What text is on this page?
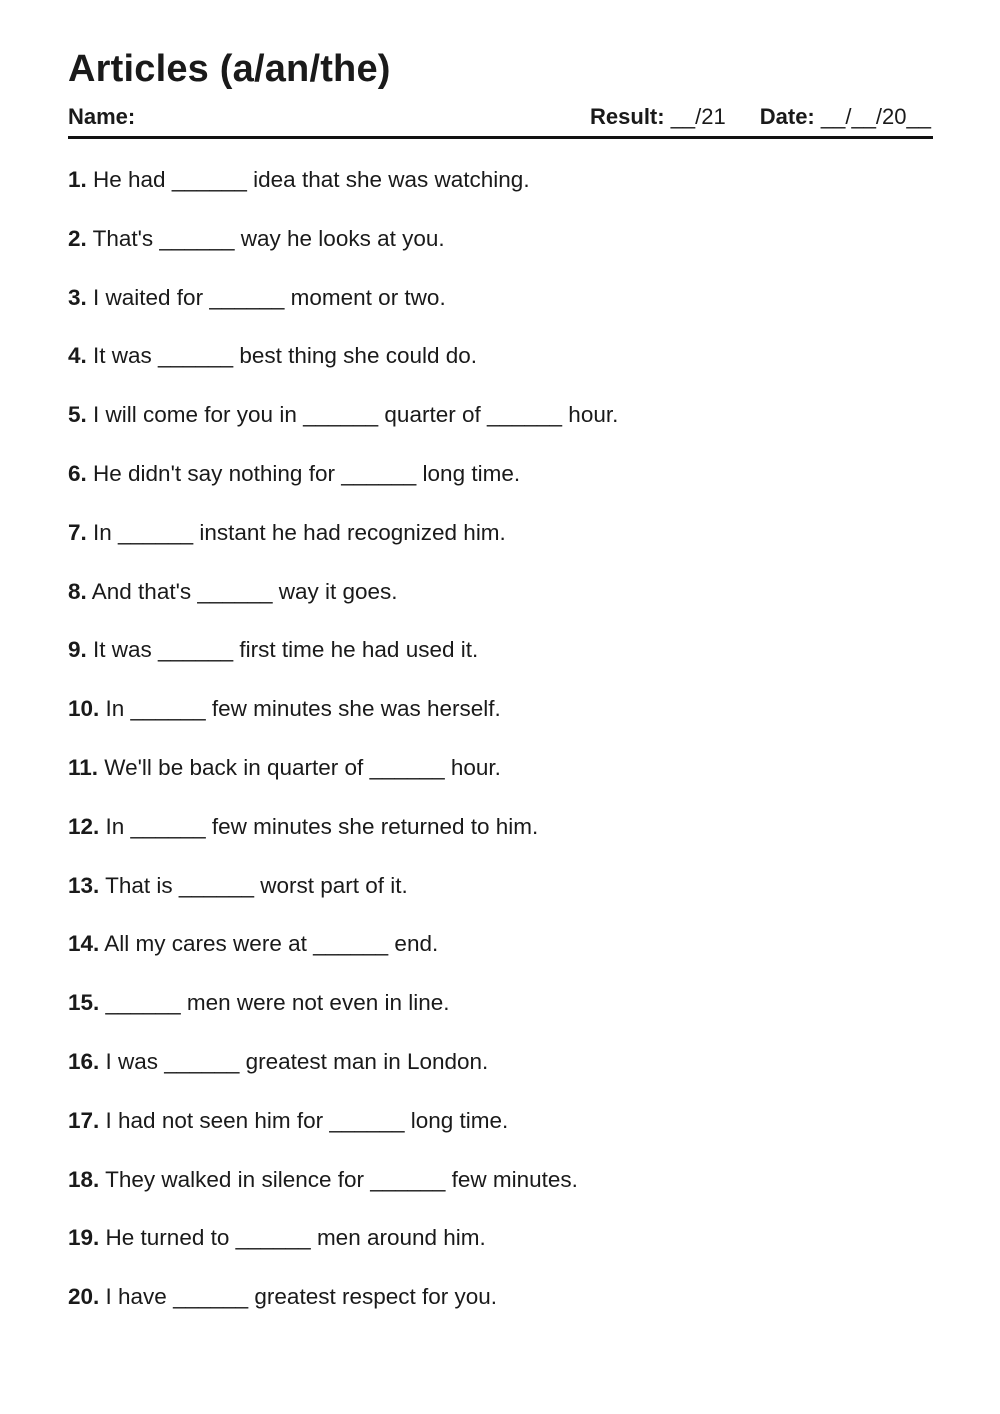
Articles (a/an/the)
Name:	Result: __/21 Date: __/__/20__
1. He had ______ idea that she was watching.
2. That's ______ way he looks at you.
3. I waited for ______ moment or two.
4. It was ______ best thing she could do.
5. I will come for you in ______ quarter of ______ hour.
6. He didn't say nothing for ______ long time.
7. In ______ instant he had recognized him.
8. And that's ______ way it goes.
9. It was ______ first time he had used it.
10. In ______ few minutes she was herself.
11. We'll be back in quarter of ______ hour.
12. In ______ few minutes she returned to him.
13. That is ______ worst part of it.
14. All my cares were at ______ end.
15. ______ men were not even in line.
16. I was ______ greatest man in London.
17. I had not seen him for ______ long time.
18. They walked in silence for ______ few minutes.
19. He turned to ______ men around him.
20. I have ______ greatest respect for you.
